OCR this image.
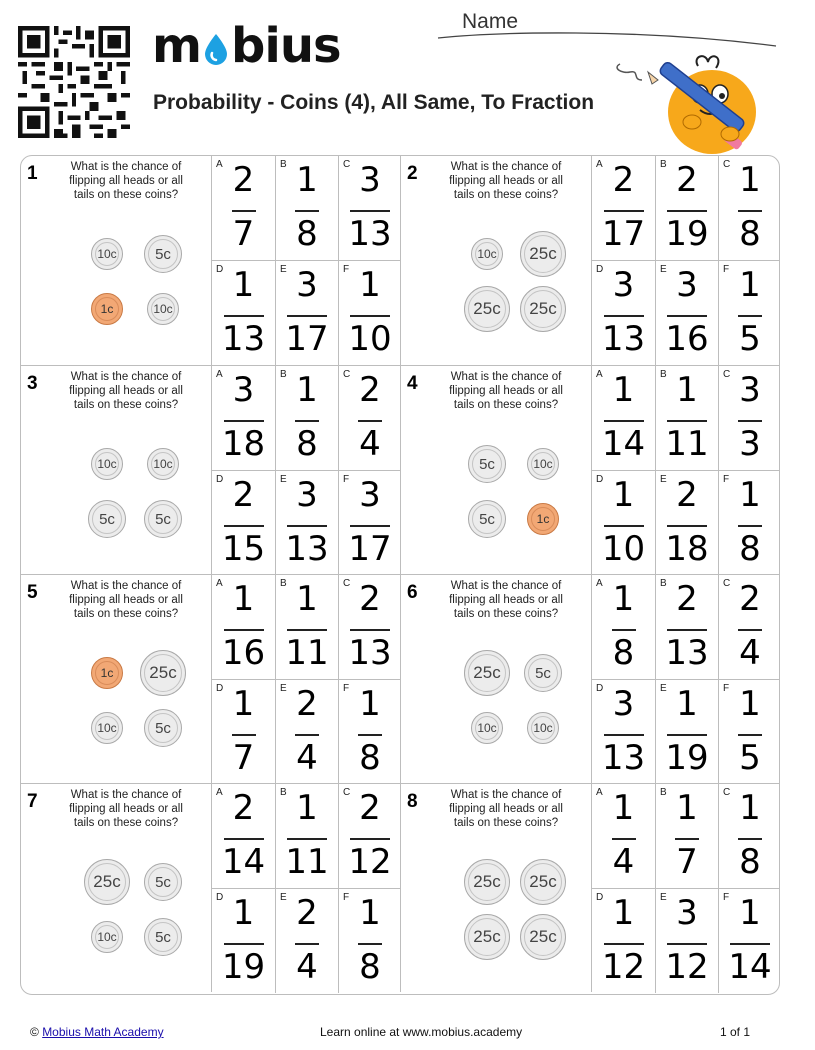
m bius
Probability - Coins (4), All Same, To Fraction
Name
1	What is the chance of flipping all heads or all tails on these coins?
10c	5c
1c	10c
A 2
7
B 1
8
C 3
13
D 1
13
E 3
17
F 1
10
2	What is the chance of flipping all heads or all tails on these coins?
10c 25c
25c 25c
A 2
17
B 2
19
C 1
8
D 3
13
E 3
16
F 1
5
3	What is the chance of flipping all heads or all tails on these coins?
10c	10c
5c	5c
A 3
18
B 1
8
C 2
4
D 2
15
E 3
13
F 3
17
4	What is the chance of flipping all heads or all tails on these coins?
5c	10c
5c	1c
A 1
14
B 1
11
C 3
3
D 1
10
E 2
18
F 1
8
5	What is the chance of flipping all heads or all tails on these coins?
1c 25c
10c	5c
A 1
16
B 1
11
C 2
13
D 1
7
E 2
4
F 1
8
6	What is the chance of flipping all heads or all tails on these coins?
25c 5c
10c	10c
A 1
8
B 2
13
C 2
4
D 3
13
E 1
19
F 1
5
7	What is the chance of flipping all heads or all tails on these coins?
25c 5c
10c	5c
A 2
14
B 1
11
C 2
12
D 1
19
E 2
4
F 1
8
8	What is the chance of flipping all heads or all tails on these coins?
25c 25c
25c 25c
A 1
4
B 1
7
C 1
8
D 1
12
E 3
12
F 1
14
© Mobius Math Academy	Learn online at www.mobius.academy	1 of 1
